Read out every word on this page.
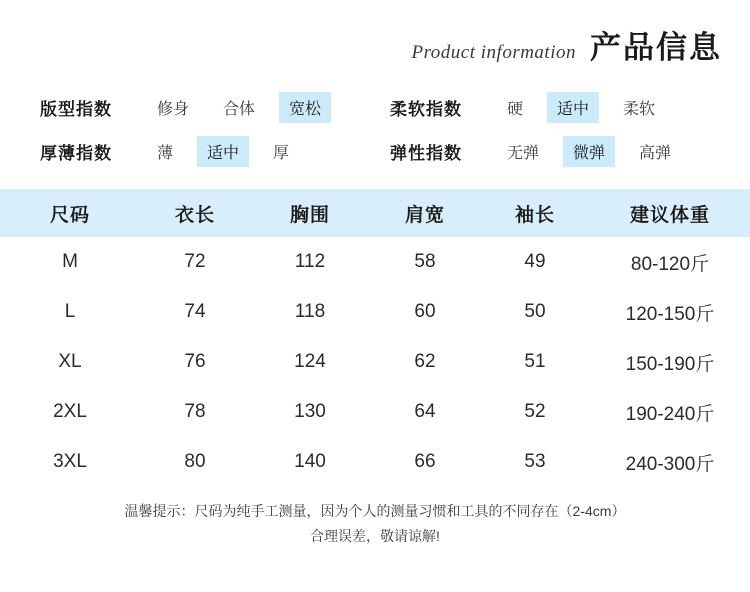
Product information 产品信息
版型指数	修身	合体	宽松	柔软指数	硬	适中	柔软
厚薄指数	薄	适中	厚	弹性指数	无弹	微弹	高弹
尺码	衣长	胸围	肩宽	袖长	建议体重
M	72	112	58	49	80-120斤
L	74	118	60	50	120-150斤
XL	76	124	62	51	150-190斤
2XL	78	130	64	52	190-240斤
3XL	80	140	66	53	240-300斤
温馨提示：尺码为纯手工测量，因为个人的测量习惯和工具的不同存在（2-4cm）
合理误差，敬请谅解!
